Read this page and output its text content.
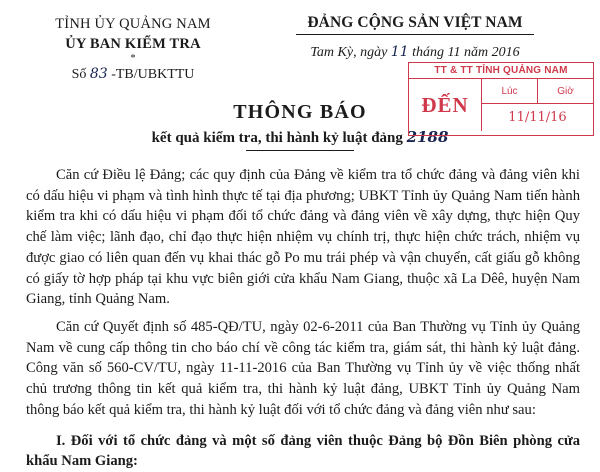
TỈNH ỦY QUẢNG NAM
ỦY BAN KIỂM TRA
*
Số 83 -TB/UBKTTU
ĐẢNG CỘNG SẢN VIỆT NAM
Tam Kỳ, ngày 11 tháng 11 năm 2016
THÔNG BÁO
kết quả kiểm tra, thi hành kỷ luật đảng 2188
TT & TT TỈNH QUẢNG NAM
ĐẾN
Lúc	Giờ
11/11/16

Căn cứ Điều lệ Đảng; các quy định của Đảng về kiểm tra tổ chức đảng và đảng viên khi có dấu hiệu vi phạm và tình hình thực tế tại địa phương; UBKT Tỉnh ủy Quảng Nam tiến hành kiểm tra khi có dấu hiệu vi phạm đối tổ chức đảng và đảng viên về xây dựng, thực hiện Quy chế làm việc; lãnh đạo, chỉ đạo thực hiện nhiệm vụ chính trị, thực hiện chức trách, nhiệm vụ được giao có liên quan đến vụ khai thác gỗ Po mu trái phép và vận chuyển, cất giấu gỗ không có giấy tờ hợp pháp tại khu vực biên giới cửa khẩu Nam Giang, thuộc xã La Dêê, huyện Nam Giang, tỉnh Quảng Nam.

Căn cứ Quyết định số 485-QĐ/TU, ngày 02-6-2011 của Ban Thường vụ Tỉnh ủy Quảng Nam về cung cấp thông tin cho báo chí về công tác kiểm tra, giám sát, thi hành kỷ luật đảng. Công văn số 560-CV/TU, ngày 11-11-2016 của Ban Thường vụ Tỉnh ủy về việc thống nhất chủ trương thông tin kết quả kiểm tra, thi hành kỷ luật đảng, UBKT Tỉnh ủy Quảng Nam thông báo kết quả kiểm tra, thi hành kỷ luật đối với tổ chức đảng và đảng viên như sau:

I. Đối với tổ chức đảng và một số đảng viên thuộc Đảng bộ Đồn Biên phòng cửa khẩu Nam Giang:
